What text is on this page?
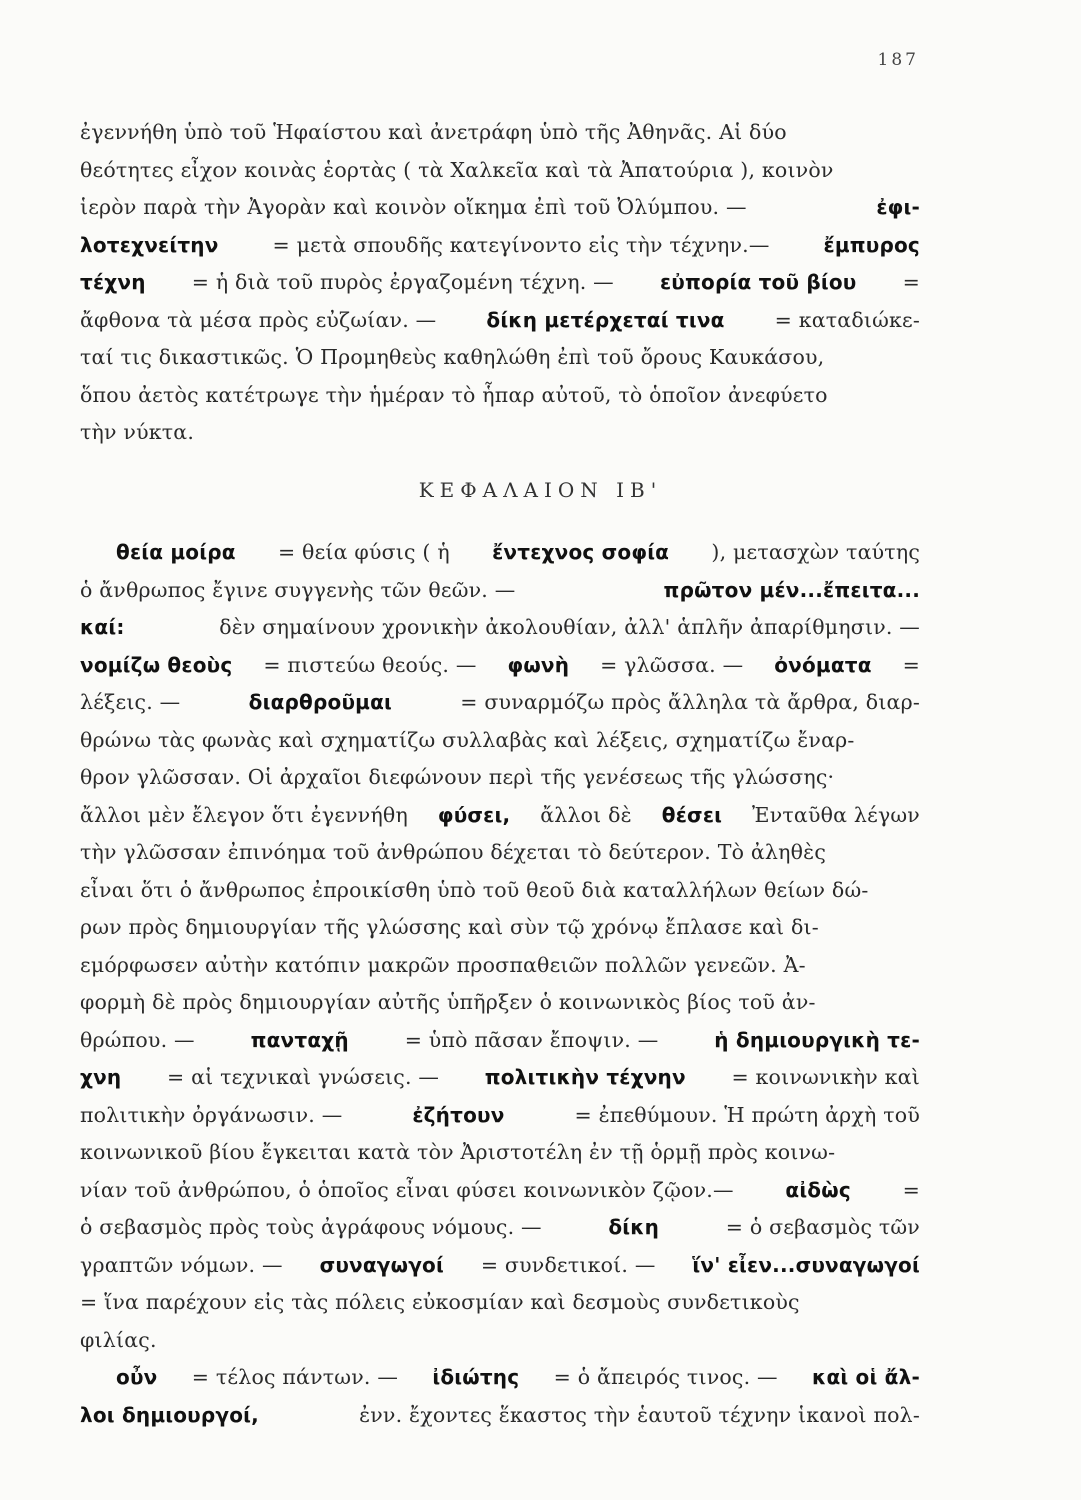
187
ἐγεννήθη ὑπὸ τοῦ Ἡφαίστου καὶ ἀνετράφη ὑπὸ τῆς Ἀθηνᾶς. Αἱ δύο
θεότητες εἶχον κοινὰς ἑορτὰς ( τὰ Χαλκεῖα καὶ τὰ Ἀπατούρια ), κοινὸν
ἱερὸν παρὰ τὴν Ἀγορὰν καὶ κοινὸν οἴκημα ἐπὶ τοῦ Ὀλύμπου. —	ἐφι-
λοτεχνείτην	= μετὰ σπουδῆς κατεγίνοντο εἰς τὴν τέχνην.—	ἔμπυρος
τέχνη = ἡ διὰ τοῦ πυρὸς ἐργαζομένη τέχνη. — εὐπορία τοῦ βίου =
ἄφθονα τὰ μέσα πρὸς εὐζωίαν. —	δίκη μετέρχεταί τινα = καταδιώκε-
ταί τις δικαστικῶς. Ὁ Προμηθεὺς καθηλώθη ἐπὶ τοῦ ὄρους Καυκάσου,
ὅπου ἀετὸς κατέτρωγε τὴν ἡμέραν τὸ ἧπαρ αὐτοῦ, τὸ ὁποῖον ἀνεφύετο
τὴν νύκτα.
ΚΕΦΑΛΑΙΟΝ ΙΒ'
θεία μοίρα = θεία φύσις ( ἡ ἔντεχνος σοφία ), μετασχὼν ταύτης
ὁ ἄνθρωπος ἔγινε συγγενὴς τῶν θεῶν. —	πρῶτον μέν...ἔπειτα...
καί:	δὲν σημαίνουν χρονικὴν ἀκολουθίαν, ἀλλ' ἁπλῆν ἀπαρίθμησιν. —
νομίζω θεοὺς = πιστεύω θεούς. — φωνὴ = γλῶσσα. — ὀνόματα =
λέξεις. —	διαρθροῦμαι	= συναρμόζω πρὸς ἄλληλα τὰ ἄρθρα, διαρ-
θρώνω τὰς φωνὰς καὶ σχηματίζω συλλαβὰς καὶ λέξεις, σχηματίζω ἔναρ-
θρον γλῶσσαν. Οἱ ἀρχαῖοι διεφώνουν περὶ τῆς γενέσεως τῆς γλώσσης·
ἄλλοι μὲν ἔλεγον ὅτι ἐγεννήθη φύσει, ἄλλοι δὲ θέσει Ἐνταῦθα λέγων
τὴν γλῶσσαν ἐπινόημα τοῦ ἀνθρώπου δέχεται τὸ δεύτερον. Τὸ ἀληθὲς
εἶναι ὅτι ὁ ἄνθρωπος ἐπροικίσθη ὑπὸ τοῦ θεοῦ διὰ καταλλήλων θείων δώ-
ρων πρὸς δημιουργίαν τῆς γλώσσης καὶ σὺν τῷ χρόνῳ ἔπλασε καὶ δι-
εμόρφωσεν αὐτὴν κατόπιν μακρῶν προσπαθειῶν πολλῶν γενεῶν. Ἀ-
φορμὴ δὲ πρὸς δημιουργίαν αὐτῆς ὑπῆρξεν ὁ κοινωνικὸς βίος τοῦ ἀν-
θρώπου. —	πανταχῇ	= ὑπὸ πᾶσαν ἔποψιν. —	ἡ δημιουργικὴ τε-
χνη = αἱ τεχνικαὶ γνώσεις. — πολιτικὴν τέχνην = κοινωνικὴν καὶ
πολιτικὴν ὀργάνωσιν. —	ἐζήτουν	= ἐπεθύμουν. Ἡ πρώτη ἀρχὴ τοῦ
κοινωνικοῦ βίου ἔγκειται κατὰ τὸν Ἀριστοτέλη ἐν τῇ ὁρμῇ πρὸς κοινω-
νίαν τοῦ ἀνθρώπου, ὁ ὁποῖος εἶναι φύσει κοινωνικὸν ζῷον.—	αἰδὼς	=
ὁ σεβασμὸς πρὸς τοὺς ἀγράφους νόμους. —	δίκη	= ὁ σεβασμὸς τῶν
γραπτῶν νόμων. — συναγωγοί = συνδετικοί. — ἵν' εἶεν...συναγωγοί
= ἵνα παρέχουν εἰς τὰς πόλεις εὐκοσμίαν καὶ δεσμοὺς συνδετικοὺς
φιλίας.
οὖν = τέλος πάντων. — ἰδιώτης = ὁ ἄπειρός τινος. — καὶ οἱ ἄλ-
λοι δημιουργοί,	ἐνν. ἔχοντες ἕκαστος τὴν ἑαυτοῦ τέχνην ἱκανοὶ πολ-
